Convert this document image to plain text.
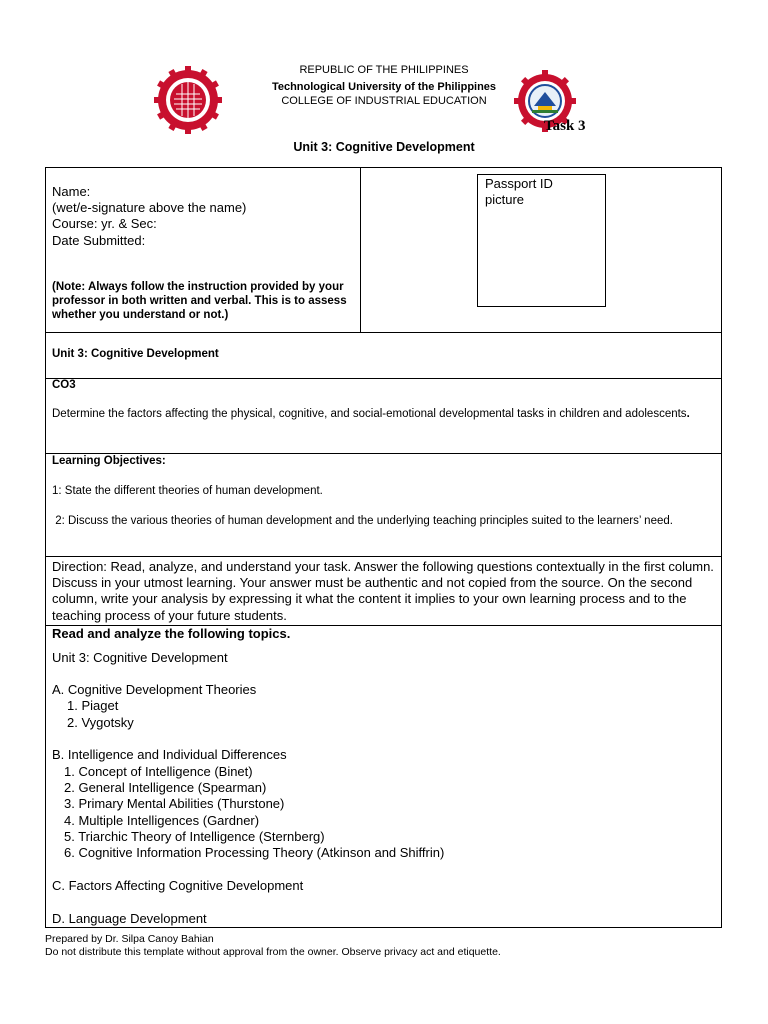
REPUBLIC OF THE PHILIPPINES
Technological University of the Philippines
COLLEGE OF INDUSTRIAL EDUCATION
Task 3
Unit 3: Cognitive Development
Name:
(wet/e-signature above the name)
Course: yr. & Sec:
Date Submitted:
(Note: Always follow the instruction provided by your professor in both written and verbal. This is to assess whether you understand or not.)
Unit 3: Cognitive Development
CO3
Determine the factors affecting the physical, cognitive, and social-emotional developmental tasks in children and adolescents.
Learning Objectives:
1: State the different theories of human development.
2: Discuss the various theories of human development and the underlying teaching principles suited to the learners’ need.
Direction: Read, analyze, and understand your task. Answer the following questions contextually in the first column. Discuss in your utmost learning. Your answer must be authentic and not copied from the source. On the second column, write your analysis by expressing it what the content it implies to your own learning process and to the teaching process of your future students.
Read and analyze the following topics.
Unit 3: Cognitive Development
A. Cognitive Development Theories
1. Piaget
2. Vygotsky
B. Intelligence and Individual Differences
1. Concept of Intelligence (Binet)
2. General Intelligence (Spearman)
3. Primary Mental Abilities (Thurstone)
4. Multiple Intelligences (Gardner)
5. Triarchic Theory of Intelligence (Sternberg)
6. Cognitive Information Processing Theory (Atkinson and Shiffrin)
C. Factors Affecting Cognitive Development
D. Language Development
Passport ID
picture
Prepared by Dr. Silpa Canoy Bahian
Do not distribute this template without approval from the owner. Observe privacy act and etiquette.
